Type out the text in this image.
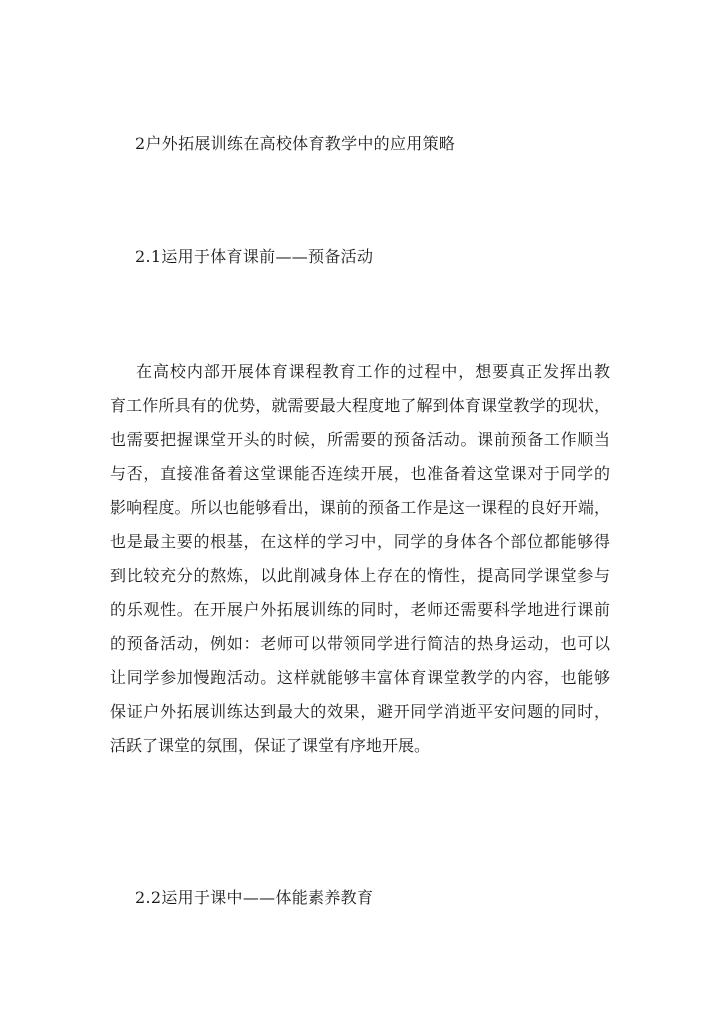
2户外拓展训练在高校体育教学中的应用策略
2.1运用于体育课前——预备活动
在高校内部开展体育课程教育工作的过程中，想要真正发挥出教
育工作所具有的优势，就需要最大程度地了解到体育课堂教学的现状，
也需要把握课堂开头的时候，所需要的预备活动。课前预备工作顺当
与否，直接准备着这堂课能否连续开展，也准备着这堂课对于同学的
影响程度。所以也能够看出，课前的预备工作是这一课程的良好开端，
也是最主要的根基，在这样的学习中，同学的身体各个部位都能够得
到比较充分的熬炼，以此削减身体上存在的惰性，提高同学课堂参与
的乐观性。在开展户外拓展训练的同时，老师还需要科学地进行课前
的预备活动，例如：老师可以带领同学进行简洁的热身运动，也可以
让同学参加慢跑活动。这样就能够丰富体育课堂教学的内容，也能够
保证户外拓展训练达到最大的效果，避开同学消逝平安问题的同时，
活跃了课堂的氛围，保证了课堂有序地开展。
2.2运用于课中——体能素养教育
